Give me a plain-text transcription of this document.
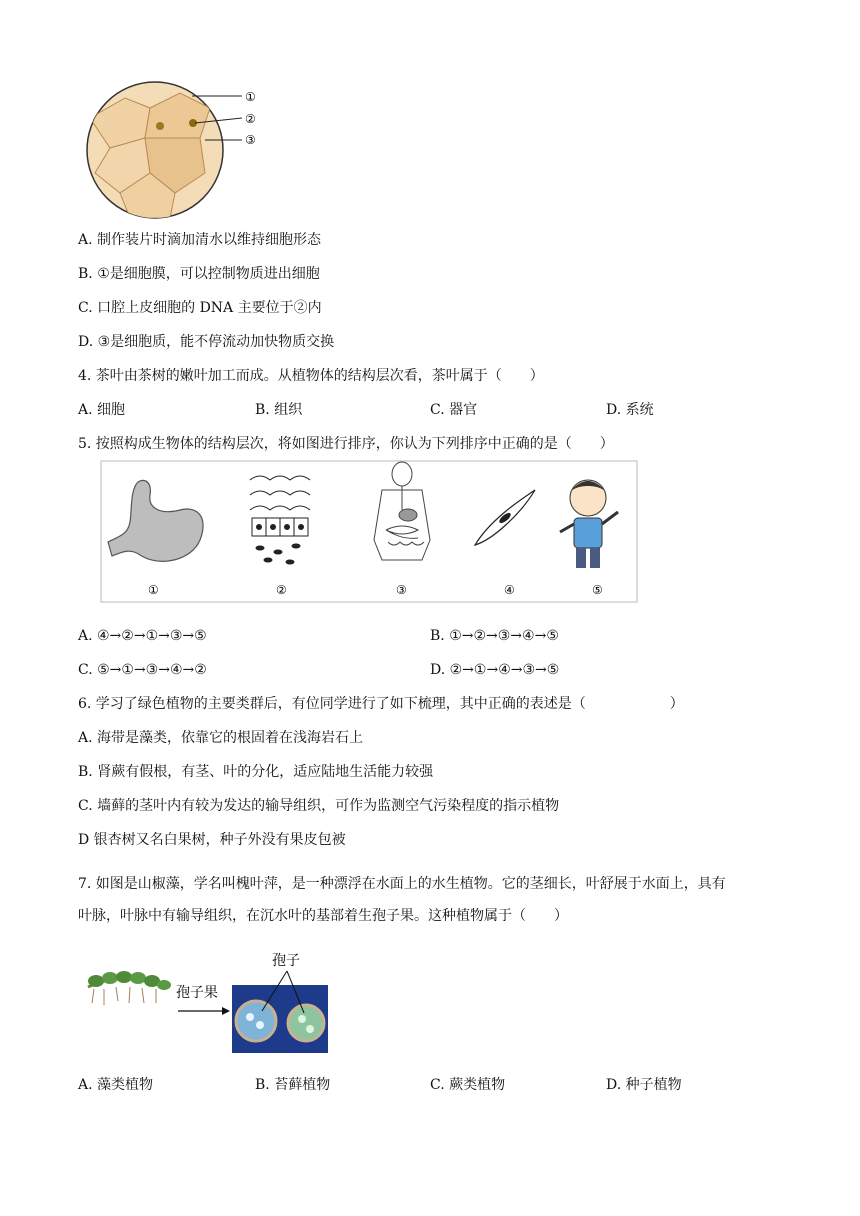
①
②
③
A. 制作装片时滴加清水以维持细胞形态
B. ①是细胞膜，可以控制物质进出细胞
C. 口腔上皮细胞的 DNA 主要位于②内
D. ③是细胞质，能不停流动加快物质交换
4. 茶叶由茶树的嫩叶加工而成。从植物体的结构层次看，茶叶属于（　　）
A. 细胞	B. 组织	C. 器官	D. 系统
5. 按照构成生物体的结构层次，将如图进行排序，你认为下列排序中正确的是（　　）
①	②	③	④	⑤
A. ④→②→①→③→⑤	B. ①→②→③→④→⑤
C. ⑤→①→③→④→②	D. ②→①→④→③→⑤
6. 学习了绿色植物的主要类群后，有位同学进行了如下梳理，其中正确的表述是（　　　　　　）
A. 海带是藻类，依靠它的根固着在浅海岩石上
B. 肾蕨有假根，有茎、叶的分化，适应陆地生活能力较强
C. 墙藓的茎叶内有较为发达的输导组织，可作为监测空气污染程度的指示植物
D 银杏树又名白果树，种子外没有果皮包被
7. 如图是山椒藻，学名叫槐叶萍，是一种漂浮在水面上的水生植物。它的茎细长，叶舒展于水面上，具有
叶脉，叶脉中有输导组织，在沉水叶的基部着生孢子果。这种植物属于（　　）
孢子果
孢子
A. 藻类植物	B. 苔藓植物	C. 蕨类植物	D. 种子植物
